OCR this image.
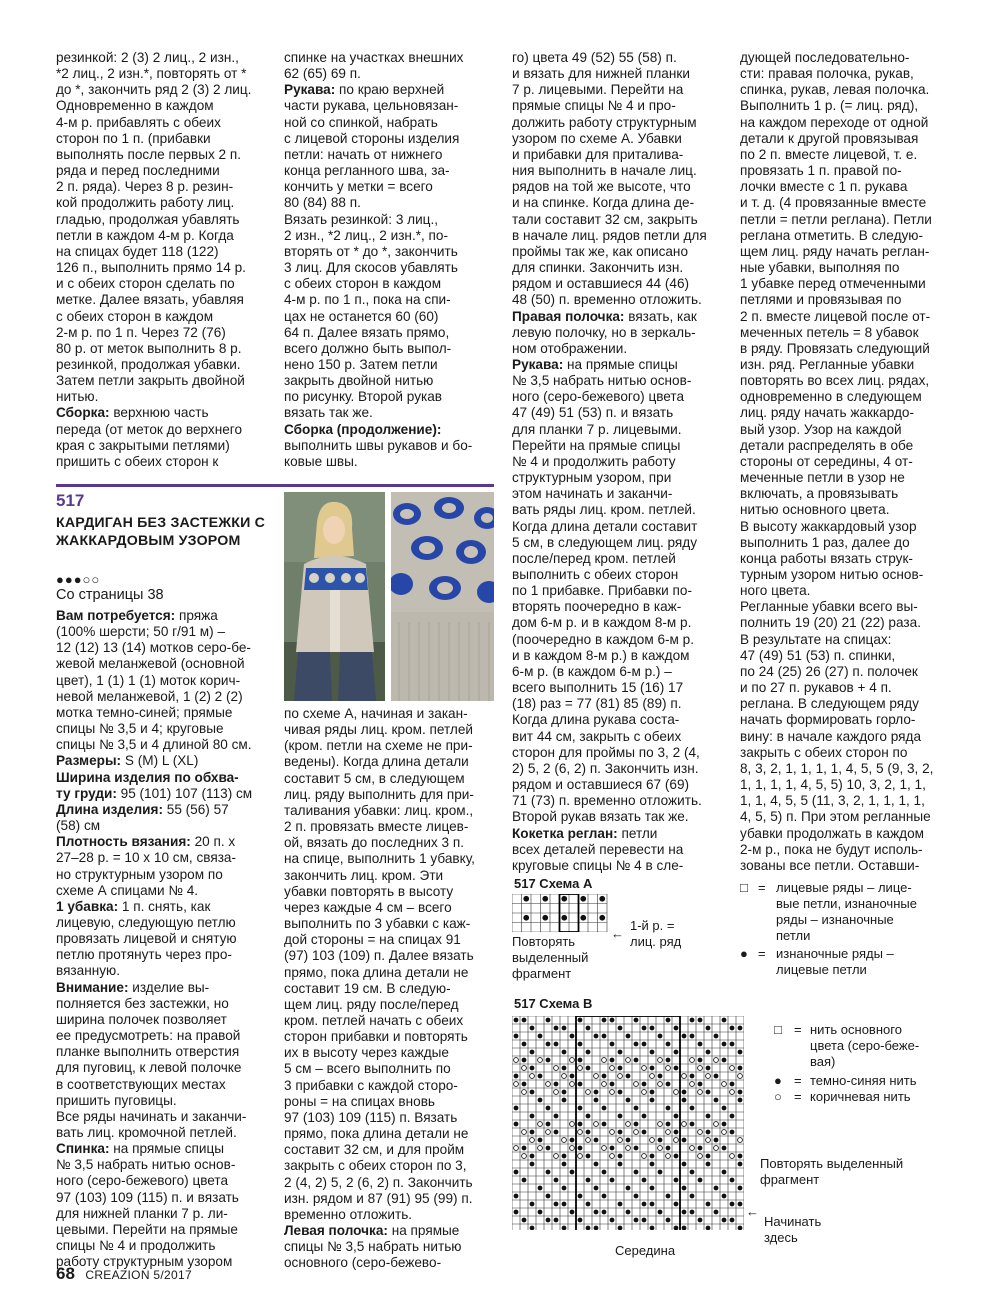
резинкой: 2 (3) 2 лиц., 2 изн.,

*2 лиц., 2 изн.*, повторять от *

до *, закончить ряд 2 (3) 2 лиц.

Одновременно в каждом

4-м р. прибавлять с обеих

сторон по 1 п. (прибавки

выполнять после первых 2 п.

ряда и перед последними

2 п. ряда). Через 8 р. резин-

кой продолжить работу лиц.

гладью, продолжая убавлять

петли в каждом 4-м р. Когда

на спицах будет 118 (122)

126 п., выполнить прямо 14 р.

и с обеих сторон сделать по

метке. Далее вязать, убавляя

с обеих сторон в каждом

2-м р. по 1 п. Через 72 (76)

80 р. от меток выполнить 8 р.

резинкой, продолжая убавки.

Затем петли закрыть двойной

нитью.

Сборка: верхнюю часть

переда (от меток до верхнего

края с закрытыми петлями)

пришить с обеих сторон к

спинке на участках внешних

62 (65) 69 п.

Рукава: по краю верхней

части рукава, цельновязан-

ной со спинкой, набрать

с лицевой стороны изделия

петли: начать от нижнего

конца регланного шва, за-

кончить у метки = всего

80 (84) 88 п.

Вязать резинкой: 3 лиц.,

2 изн., *2 лиц., 2 изн.*, по-

вторять от * до *, закончить

3 лиц. Для скосов убавлять

с обеих сторон в каждом

4-м р. по 1 п., пока на спи-

цах не останется 60 (60)

64 п. Далее вязать прямо,

всего должно быть выпол-

нено 150 р. Затем петли

закрыть двойной нитью

по рисунку. Второй рукав

вязать так же.

Сборка (продолжение):

выполнить швы рукавов и бо-

ковые швы.

517
КАРДИГАН БЕЗ ЗАСТЕЖКИ С ЖАККАРДОВЫМ УЗОРОМ
●●●○○
Со страницы 38

Вам потребуется: пряжа

(100% шерсти; 50 г/91 м) –

12 (12) 13 (14) мотков серо-бе-

жевой меланжевой (основной

цвет), 1 (1) 1 (1) моток корич-

невой меланжевой, 1 (2) 2 (2)

мотка темно-синей; прямые

спицы № 3,5 и 4; круговые

спицы № 3,5 и 4 длиной 80 см.

Размеры: S (M) L (XL)

Ширина изделия по обхва-

ту груди: 95 (101) 107 (113) см

Длина изделия: 55 (56) 57

(58) см

Плотность вязания: 20 п. х

27–28 р. = 10 х 10 см, связа-

но структурным узором по

схеме А спицами № 4.

1 убавка: 1 п. снять, как

лицевую, следующую петлю

провязать лицевой и снятую

петлю протянуть через про-

вязанную.

Внимание: изделие вы-

полняется без застежки, но

ширина полочек позволяет

ее предусмотреть: на правой

планке выполнить отверстия

для пуговиц, к левой полочке

в соответствующих местах

пришить пуговицы.

Все ряды начинать и заканчи-

вать лиц. кромочной петлей.

Спинка: на прямые спицы

№ 3,5 набрать нитью основ-

ного (серо-бежевого) цвета

97 (103) 109 (115) п. и вязать

для нижней планки 7 р. ли-

цевыми. Перейти на прямые

спицы № 4 и продолжить

работу структурным узором

по схеме А, начиная и закан-

чивая ряды лиц. кром. петлей

(кром. петли на схеме не при-

ведены). Когда длина детали

составит 5 см, в следующем

лиц. ряду выполнить для при-

таливания убавки: лиц. кром.,

2 п. провязать вместе лицев-

ой, вязать до последних 3 п.

на спице, выполнить 1 убавку,

закончить лиц. кром. Эти

убавки повторять в высоту

через каждые 4 см – всего

выполнить по 3 убавки с каж-

дой стороны = на спицах 91

(97) 103 (109) п. Далее вязать

прямо, пока длина детали не

составит 19 см. В следую-

щем лиц. ряду после/перед

кром. петлей начать с обеих

сторон прибавки и повторять

их в высоту через каждые

5 см – всего выполнить по

3 прибавки с каждой сторо-

роны = на спицах вновь

97 (103) 109 (115) п. Вязать

прямо, пока длина детали не

составит 32 см, и для пройм

закрыть с обеих сторон по 3,

2 (4, 2) 5, 2 (6, 2) п. Закончить

изн. рядом и 87 (91) 95 (99) п.

временно отложить.

Левая полочка: на прямые

спицы № 3,5 набрать нитью

основного (серо-бежево-

го) цвета 49 (52) 55 (58) п.

и вязать для нижней планки

7 р. лицевыми. Перейти на

прямые спицы № 4 и про-

должить работу структурным

узором по схеме А. Убавки

и прибавки для приталива-

ния выполнить в начале лиц.

рядов на той же высоте, что

и на спинке. Когда длина де-

тали составит 32 см, закрыть

в начале лиц. рядов петли для

проймы так же, как описано

для спинки. Закончить изн.

рядом и оставшиеся 44 (46)

48 (50) п. временно отложить.

Правая полочка: вязать, как

левую полочку, но в зеркаль-

ном отображении.

Рукава: на прямые спицы

№ 3,5 набрать нитью основ-

ного (серо-бежевого) цвета

47 (49) 51 (53) п. и вязать

для планки 7 р. лицевыми.

Перейти на прямые спицы

№ 4 и продолжить работу

структурным узором, при

этом начинать и заканчи-

вать ряды лиц. кром. петлей.

Когда длина детали составит

5 см, в следующем лиц. ряду

после/перед кром. петлей

выполнить с обеих сторон

по 1 прибавке. Прибавки по-

вторять поочередно в каж-

дом 6-м р. и в каждом 8-м р.

(поочередно в каждом 6-м р.

и в каждом 8-м р.) в каждом

6-м р. (в каждом 6-м р.) –

всего выполнить 15 (16) 17

(18) раз = 77 (81) 85 (89) п.

Когда длина рукава соста-

вит 44 см, закрыть с обеих

сторон для проймы по 3, 2 (4,

2) 5, 2 (6, 2) п. Закончить изн.

рядом и оставшиеся 67 (69)

71 (73) п. временно отложить.

Второй рукав вязать так же.

Кокетка реглан: петли

всех деталей перевести на

круговые спицы № 4 в сле-

дующей последовательно-

сти: правая полочка, рукав,

спинка, рукав, левая полочка.

Выполнить 1 р. (= лиц. ряд),

на каждом переходе от одной

детали к другой провязывая

по 2 п. вместе лицевой, т. е.

провязать 1 п. правой по-

лочки вместе с 1 п. рукава

и т. д. (4 провязанные вместе

петли = петли реглана). Петли

реглана отметить. В следую-

щем лиц. ряду начать реглан-

ные убавки, выполняя по

1 убавке перед отмеченными

петлями и провязывая по

2 п. вместе лицевой после от-

меченных петель = 8 убавок

в ряду. Провязать следующий

изн. ряд. Регланные убавки

повторять во всех лиц. рядах,

одновременно в следующем

лиц. ряду начать жаккардо-

вый узор. Узор на каждой

детали распределять в обе

стороны от середины, 4 от-

меченные петли в узор не

включать, а провязывать

нитью основного цвета.

В высоту жаккардовый узор

выполнить 1 раз, далее до

конца работы вязать струк-

турным узором нитью основ-

ного цвета.

Регланные убавки всего вы-

полнить 19 (20) 21 (22) раза.

В результате на спицах:

47 (49) 51 (53) п. спинки,

по 24 (25) 26 (27) п. полочек

и по 27 п. рукавов + 4 п.

реглана. В следующем ряду

начать формировать горло-

вину: в начале каждого ряда

закрыть с обеих сторон по

8, 3, 2, 1, 1, 1, 1, 4, 5, 5 (9, 3, 2,

1, 1, 1, 1, 4, 5, 5) 10, 3, 2, 1, 1,

1, 1, 4, 5, 5 (11, 3, 2, 1, 1, 1, 1,

4, 5, 5) п. При этом регланные

убавки продолжать в каждом

2-м р., пока не будут исполь-

зованы все петли. Оставши-

517 Схема А
Повторять
выделенный
фрагмент
←
1-й р. =
лиц. ряд
□ = лицевые ряды – лице-
вые петли, изнаночные
ряды – изнаночные
петли
● = изнаночные ряды –
лицевые петли
517 Схема В
Повторять выделенный
фрагмент
←
Начинать
здесь
Середина
□ = нить основного
цвета (серо-бежe-
вая)
● = темно-синяя нить
○ = коричневая нить
68 CREAZION 5/2017
